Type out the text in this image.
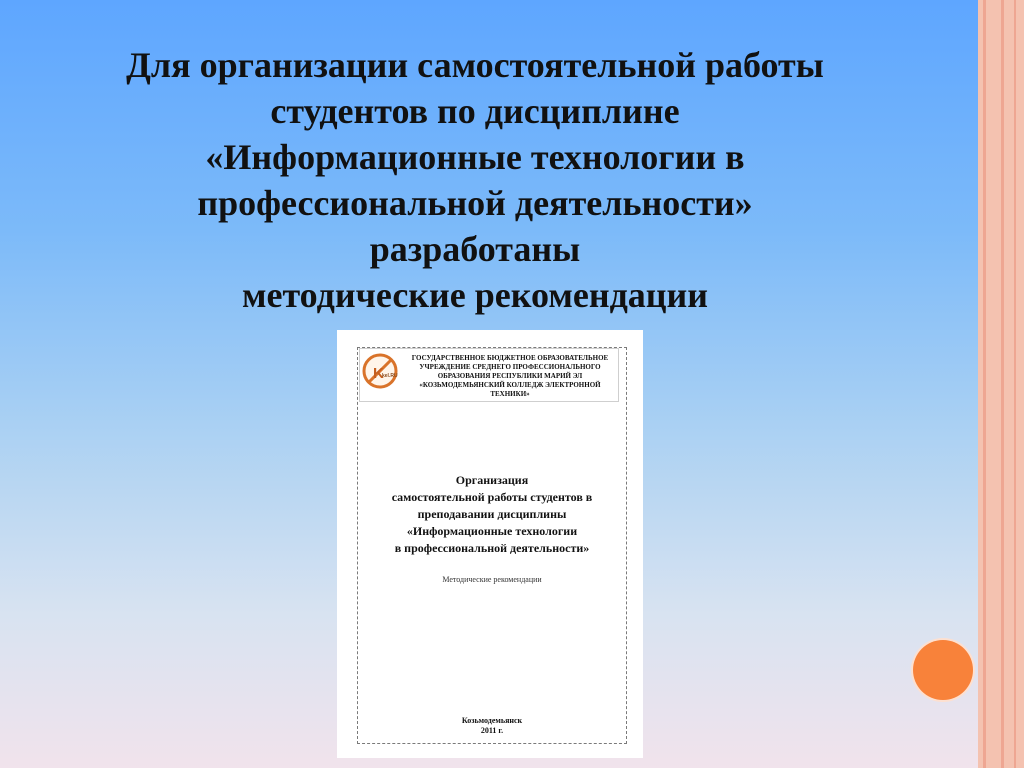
Для организации самостоятельной работы
студентов по дисциплине
«Информационные технологии в
профессиональной деятельности»
разработаны
методические рекомендации
K
kel.RU
ГОСУДАРСТВЕННОЕ БЮДЖЕТНОЕ ОБРАЗОВАТЕЛЬНОЕ
УЧРЕЖДЕНИЕ СРЕДНЕГО ПРОФЕССИОНАЛЬНОГО
ОБРАЗОВАНИЯ РЕСПУБЛИКИ МАРИЙ ЭЛ
«КОЗЬМОДЕМЬЯНСКИЙ КОЛЛЕДЖ ЭЛЕКТРОННОЙ
ТЕХНИКИ»
Организация
самостоятельной работы студентов в
преподавании дисциплины
«Информационные технологии
в профессиональной деятельности»
Методические рекомендации
Козьмодемьянск
2011 г.
